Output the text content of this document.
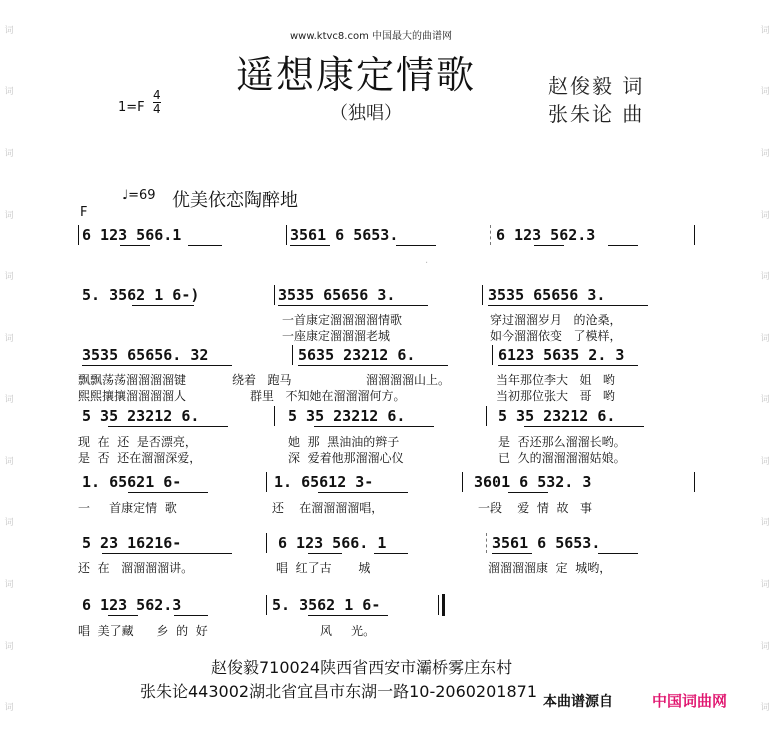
词
词
词
词
词
词
词
词
词
词
词
词
词
词
词
词
词
词
词
词
词
词
词
词
www.ktvc8.com 中国最大的曲谱网
遥想康定情歌
（独唱）
赵俊毅 词
张朱论 曲
1=F
4
4
♩=69 优美依恋陶醉地
F
·
6 123 566.1	3561 6 5653.	6 123 562.3
5. 3562 1 6-)	3535 65656 3.	3535 65656 3.
一首康定溜溜溜溜情歌	穿过溜溜岁月   的沧桑，
一座康定溜溜溜老城	如今溜溜依变   了模样，
3535 65656. 32	5635 23212 6.	6123 5635 2. 3
飘飘荡荡溜溜溜溜键	绕着   跑马	溜溜溜溜山上。	当年那位李大   姐   哟
熙熙攘攘溜溜溜溜人	群里   不知她在溜溜溜何方。	当初那位张大   哥   哟
5 35 23212 6.	5 35 23212 6.	5 35 23212 6.
现  在  还  是否漂亮，	她  那  黑油油的辫子	是  否还那么溜溜长哟。
是  否  还在溜溜深爱，	深  爱着他那溜溜心仪	已  久的溜溜溜溜姑娘。
1. 65621 6-	1. 65612 3-	3601 6 532. 3
一     首康定情  歌	还    在溜溜溜溜唱，	一段    爱  情  故   事
5 23 16216-	6 123 566. 1	3561 6 5653.
还  在   溜溜溜溜讲。	唱  红了古       城	溜溜溜溜康  定  城哟，
6 123 562.3	5. 3562 1 6-
唱  美了藏      乡  的  好	风     光。
赵俊毅710024陕西省西安市灞桥雾庄东村
张朱论443002湖北省宜昌市东湖一路10-2060201871
本曲谱源自	中国词曲网
